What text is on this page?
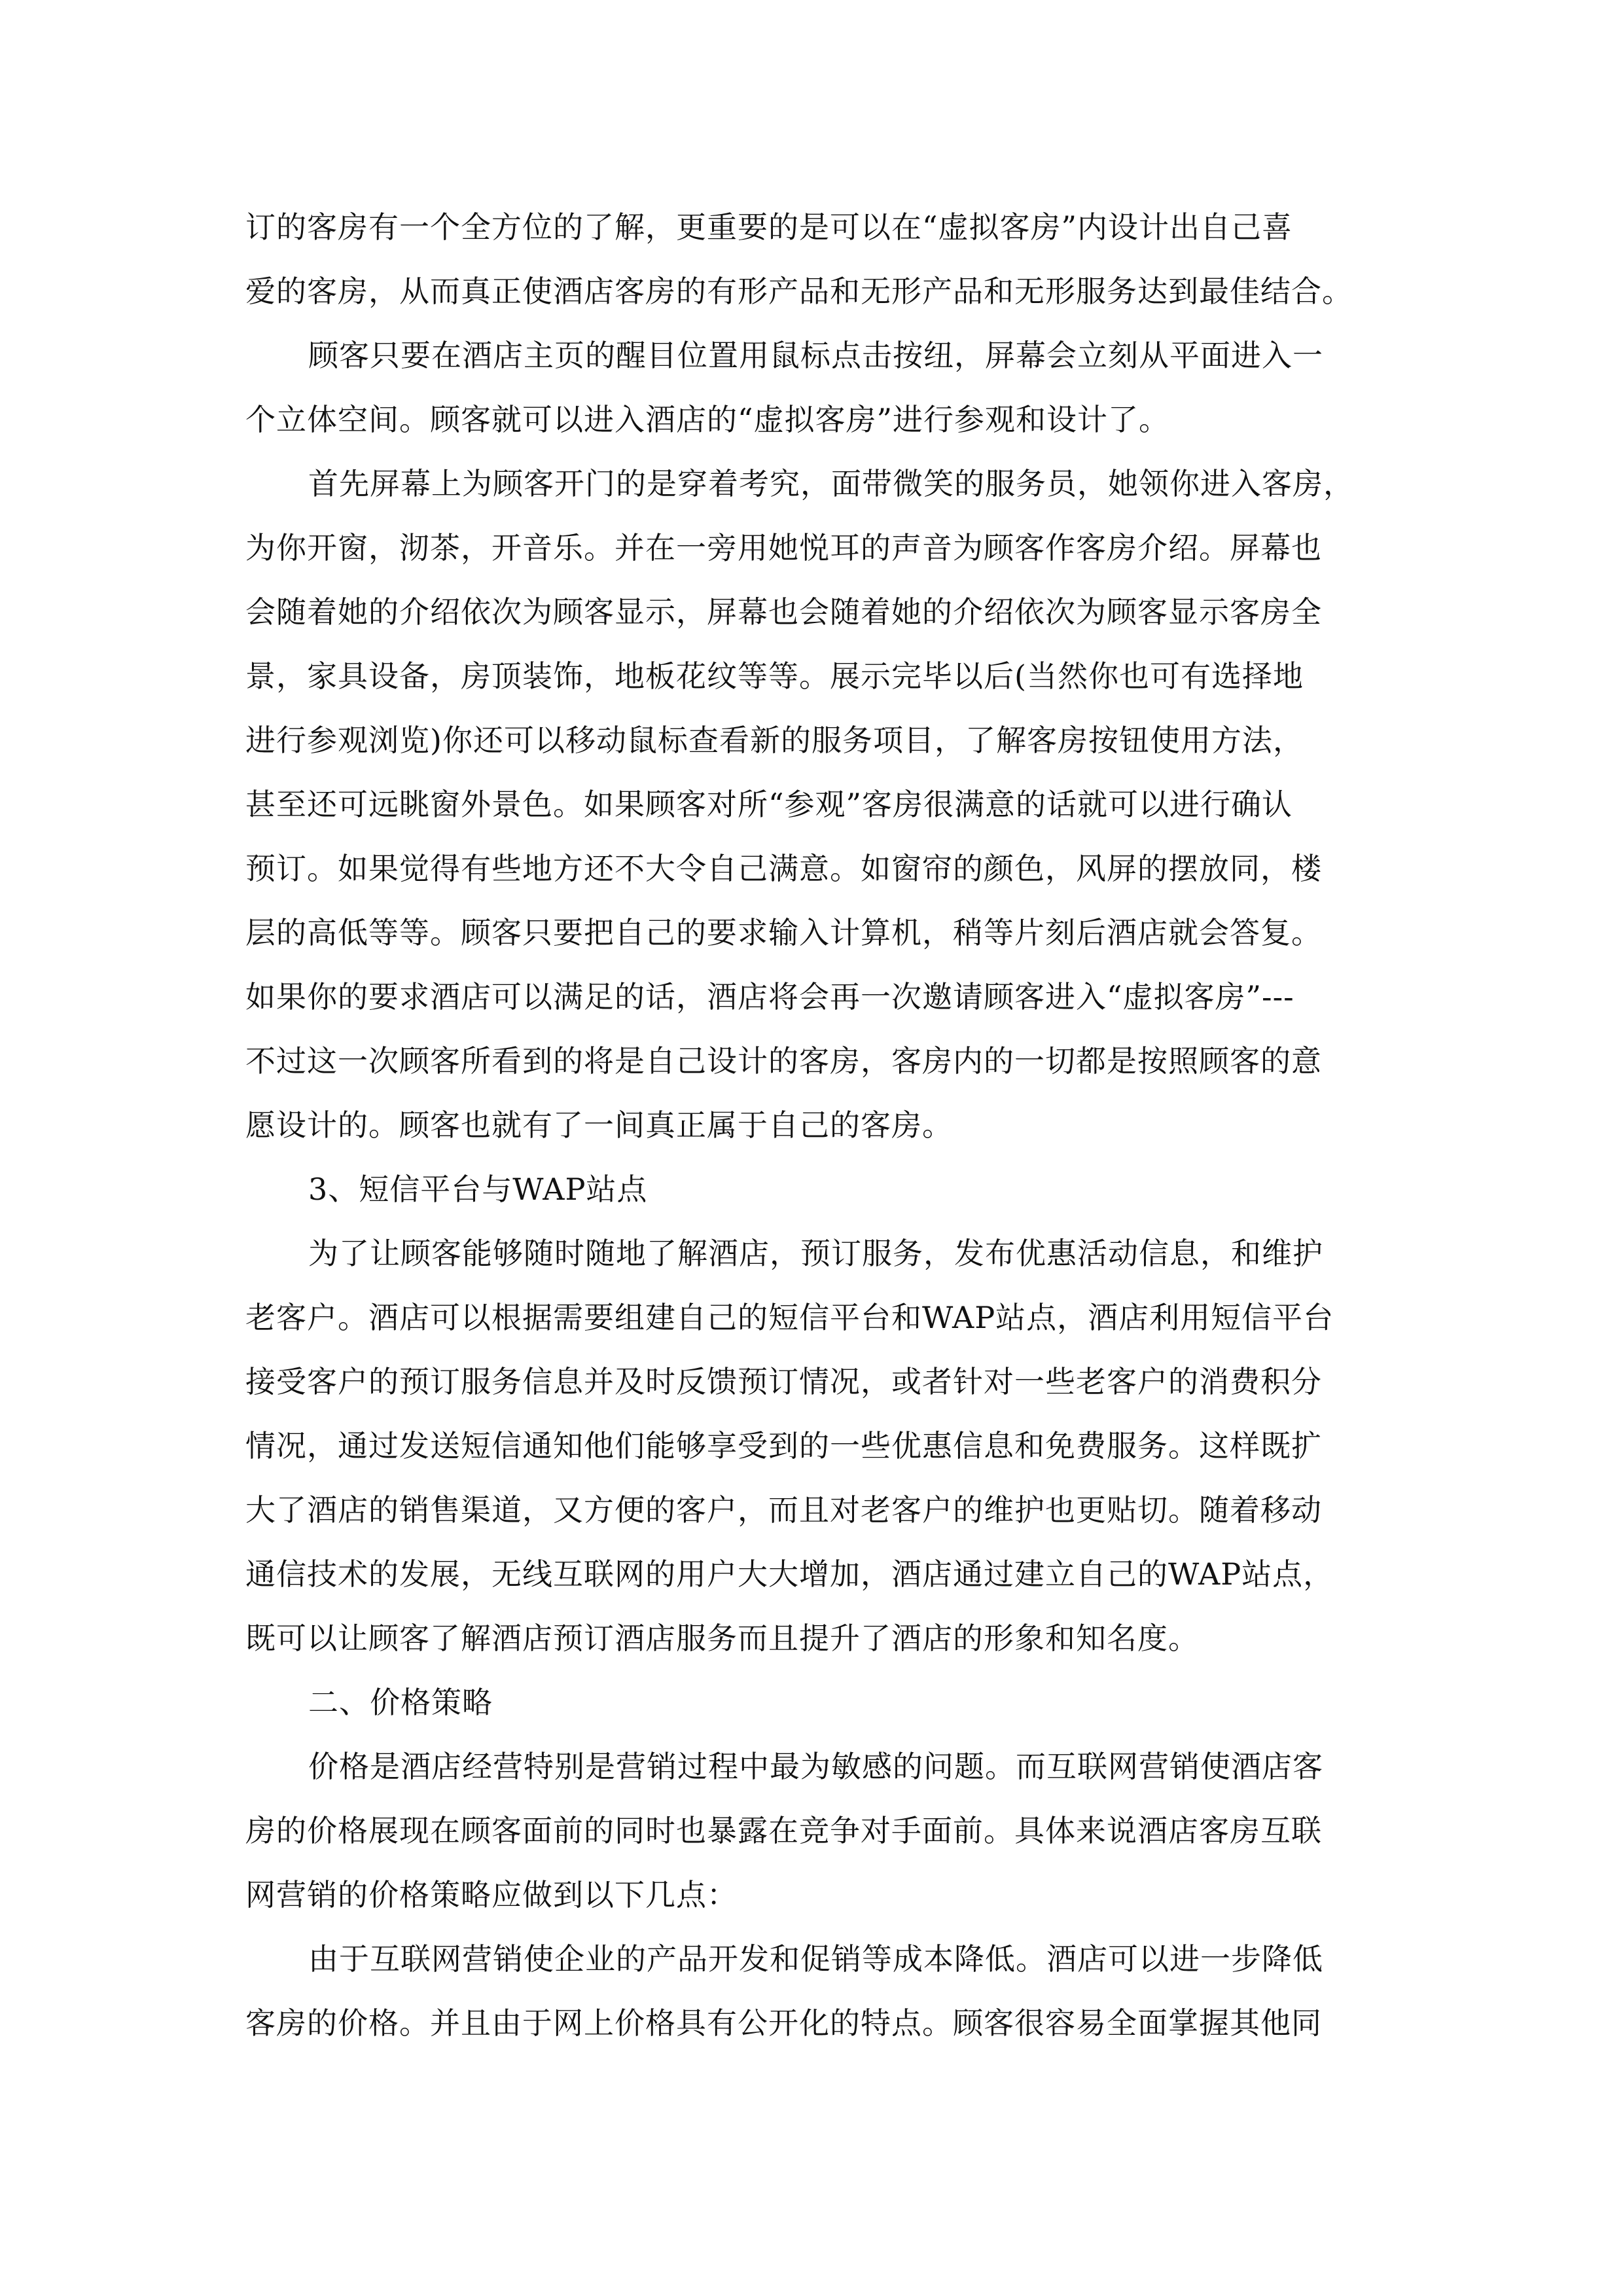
订的客房有一个全方位的了解，更重要的是可以在“虚拟客房”内设计出自己喜
爱的客房，从而真正使酒店客房的有形产品和无形产品和无形服务达到最佳结合。
顾客只要在酒店主页的醒目位置用鼠标点击按纽，屏幕会立刻从平面进入一
个立体空间。顾客就可以进入酒店的“虚拟客房”进行参观和设计了。
首先屏幕上为顾客开门的是穿着考究，面带微笑的服务员，她领你进入客房，
为你开窗，沏茶，开音乐。并在一旁用她悦耳的声音为顾客作客房介绍。屏幕也
会随着她的介绍依次为顾客显示，屏幕也会随着她的介绍依次为顾客显示客房全
景，家具设备，房顶装饰，地板花纹等等。展示完毕以后(当然你也可有选择地
进行参观浏览)你还可以移动鼠标查看新的服务项目，了解客房按钮使用方法，
甚至还可远眺窗外景色。如果顾客对所“参观”客房很满意的话就可以进行确认
预订。如果觉得有些地方还不大令自己满意。如窗帘的颜色，风屏的摆放同，楼
层的高低等等。顾客只要把自己的要求输入计算机，稍等片刻后酒店就会答复。
如果你的要求酒店可以满足的话，酒店将会再一次邀请顾客进入“虚拟客房”---
不过这一次顾客所看到的将是自己设计的客房，客房内的一切都是按照顾客的意
愿设计的。顾客也就有了一间真正属于自己的客房。
3、短信平台与WAP站点
为了让顾客能够随时随地了解酒店，预订服务，发布优惠活动信息，和维护
老客户。酒店可以根据需要组建自己的短信平台和WAP站点，酒店利用短信平台
接受客户的预订服务信息并及时反馈预订情况，或者针对一些老客户的消费积分
情况，通过发送短信通知他们能够享受到的一些优惠信息和免费服务。这样既扩
大了酒店的销售渠道，又方便的客户，而且对老客户的维护也更贴切。随着移动
通信技术的发展，无线互联网的用户大大增加，酒店通过建立自己的WAP站点，
既可以让顾客了解酒店预订酒店服务而且提升了酒店的形象和知名度。
二、价格策略
价格是酒店经营特别是营销过程中最为敏感的问题。而互联网营销使酒店客
房的价格展现在顾客面前的同时也暴露在竞争对手面前。具体来说酒店客房互联
网营销的价格策略应做到以下几点：
由于互联网营销使企业的产品开发和促销等成本降低。酒店可以进一步降低
客房的价格。并且由于网上价格具有公开化的特点。顾客很容易全面掌握其他同
